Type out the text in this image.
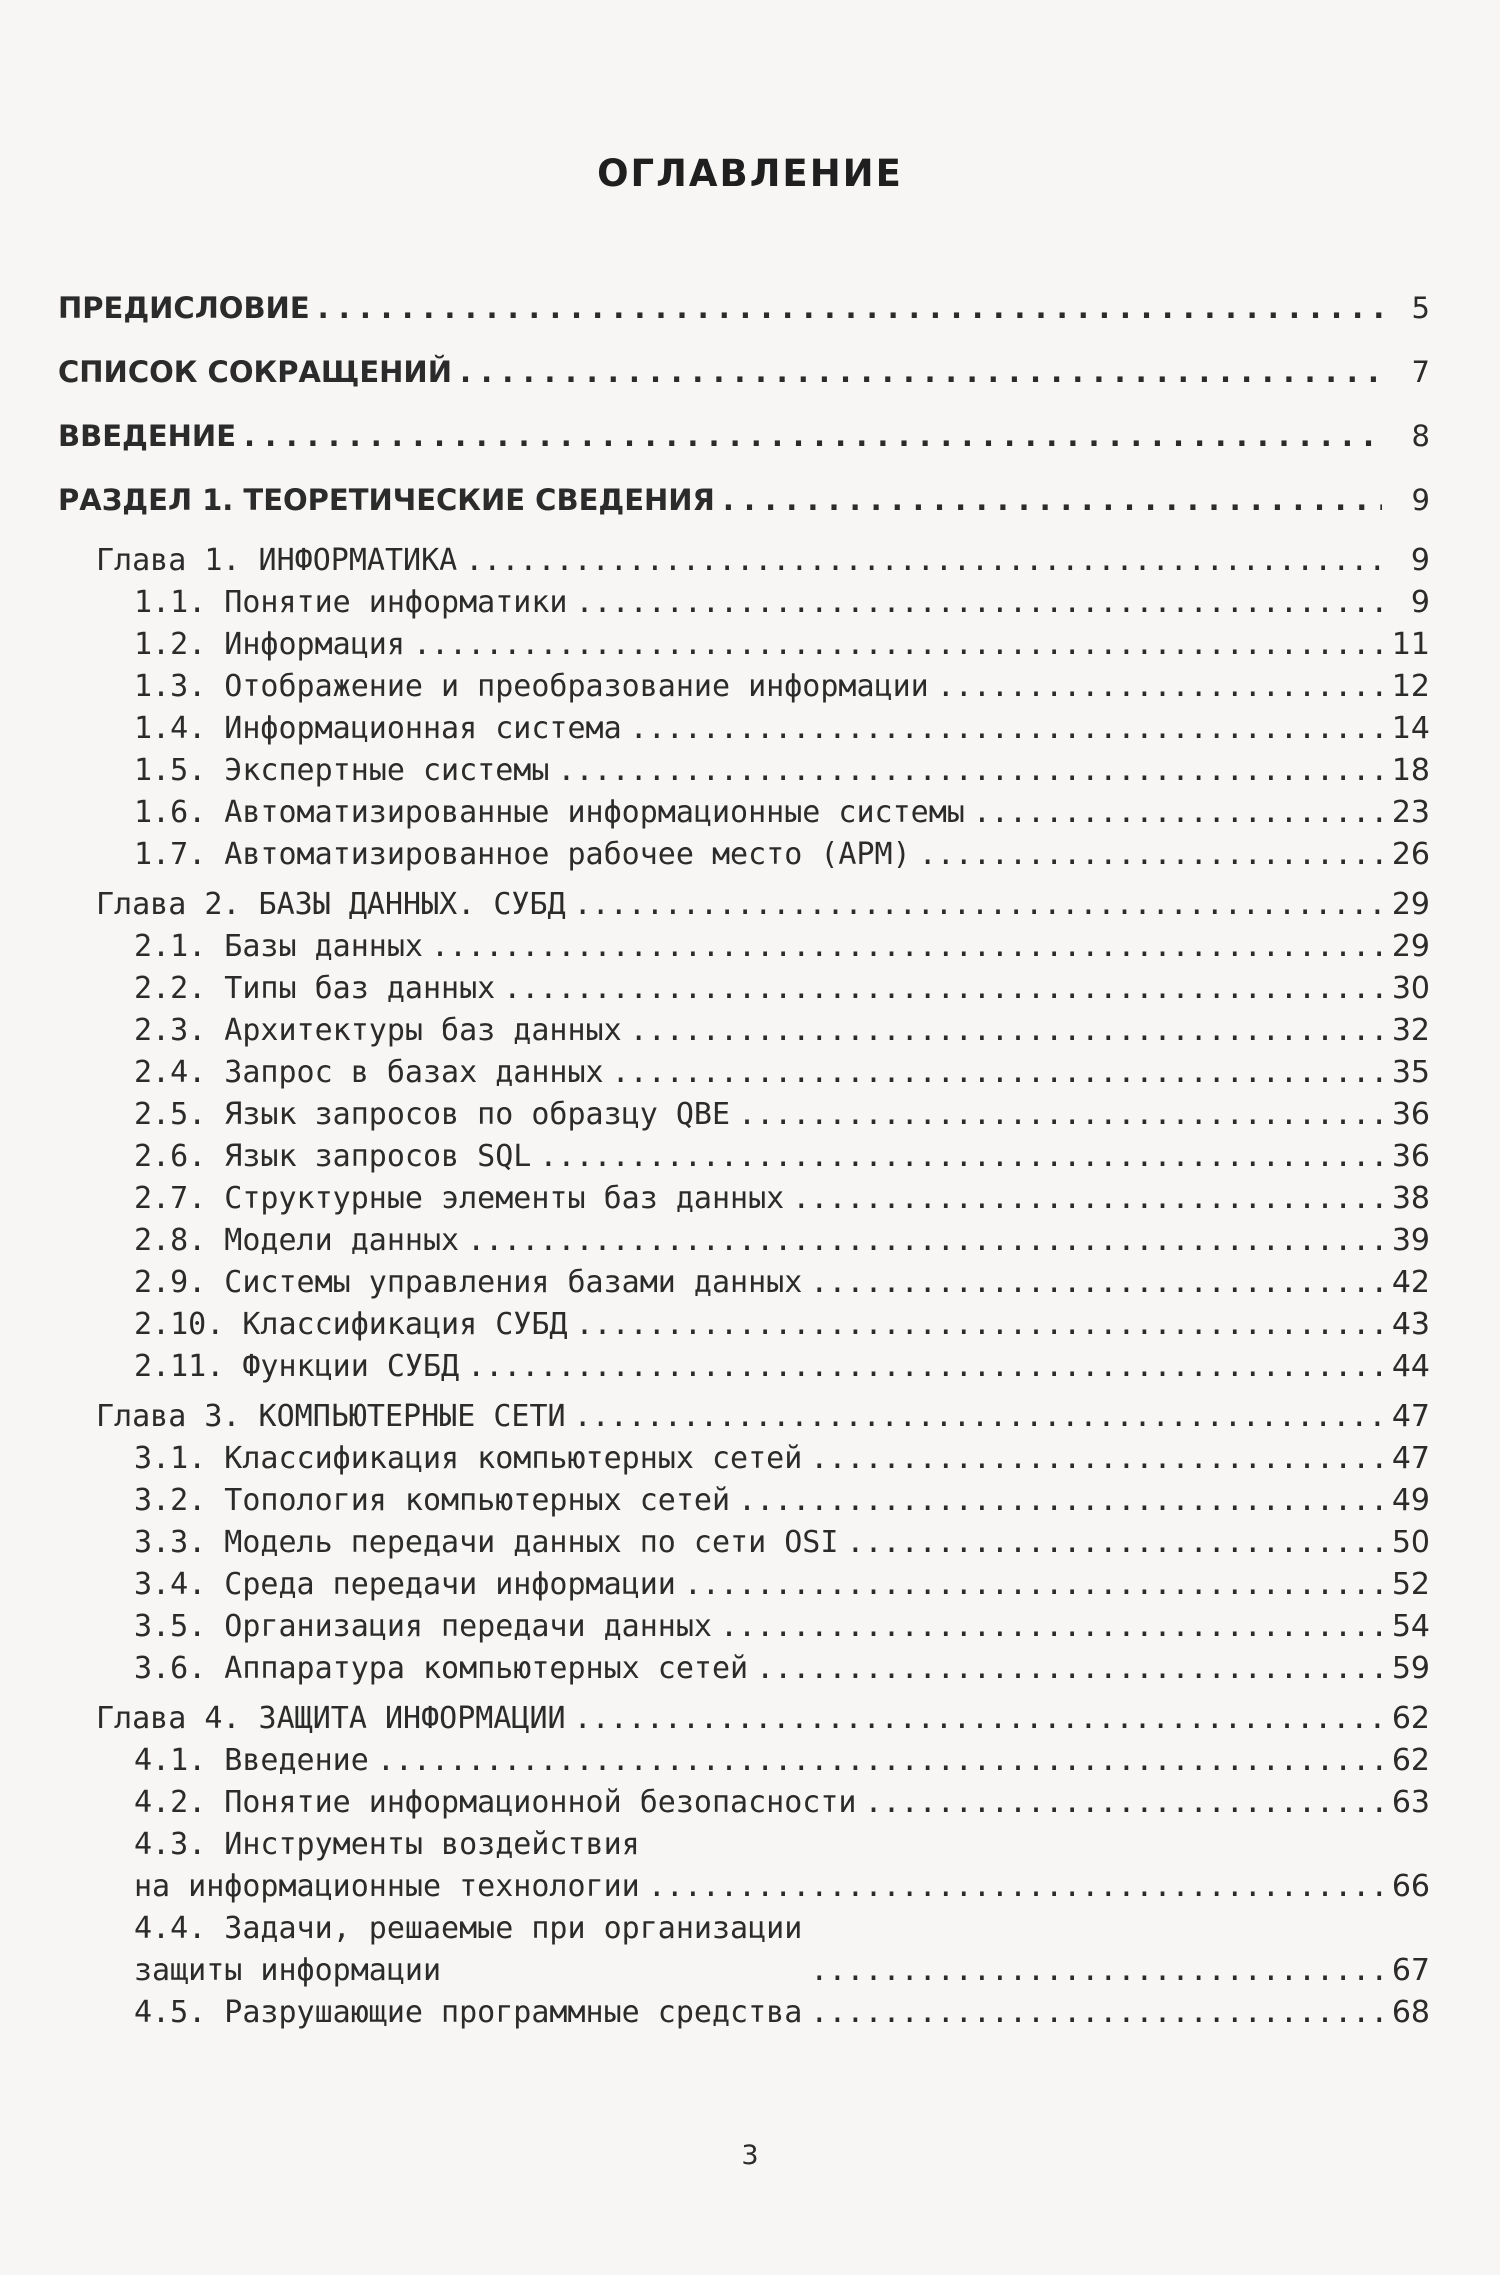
ОГЛАВЛЕНИЕ
ПРЕДИСЛОВИЕ . . .	5
СПИСОК СОКРАЩЕНИЙ . . .	7
ВВЕДЕНИЕ . . .	8
РАЗДЕЛ 1. ТЕОРЕТИЧЕСКИЕ СВЕДЕНИЯ . . .	9
Глава 1. ИНФОРМАТИКА .....	9
1.1. Понятие информатики .....	9
1.2. Информация .....	11
1.3. Отображение и преобразование информации .....	12
1.4. Информационная система .....	14
1.5. Экспертные системы .....	18
1.6. Автоматизированные информационные системы .....	23
1.7. Автоматизированное рабочее место (АРМ) .....	26
Глава 2. БАЗЫ ДАННЫХ. СУБД .....	29
2.1. Базы данных .....	29
2.2. Типы баз данных .....	30
2.3. Архитектуры баз данных .....	32
2.4. Запрос в базах данных .....	35
2.5. Язык запросов по образцу QBE .....	36
2.6. Язык запросов SQL .....	36
2.7. Структурные элементы баз данных .....	38
2.8. Модели данных .....	39
2.9. Системы управления базами данных .....	42
2.10. Классификация СУБД .....	43
2.11. Функции СУБД .....	44
Глава 3. КОМПЬЮТЕРНЫЕ СЕТИ .....	47
3.1. Классификация компьютерных сетей .....	47
3.2. Топология компьютерных сетей .....	49
3.3. Модель передачи данных по сети OSI .....	50
3.4. Среда передачи информации .....	52
3.5. Организация передачи данных .....	54
3.6. Аппаратура компьютерных сетей .....	59
Глава 4. ЗАЩИТА ИНФОРМАЦИИ .....	62
4.1. Введение .....	62
4.2. Понятие информационной безопасности .....	63
4.3. Инструменты воздействия
на информационные технологии .....	66
4.4. Задачи, решаемые при организации
защиты информации .....	67
4.5. Разрушающие программные средства .....	68
3
